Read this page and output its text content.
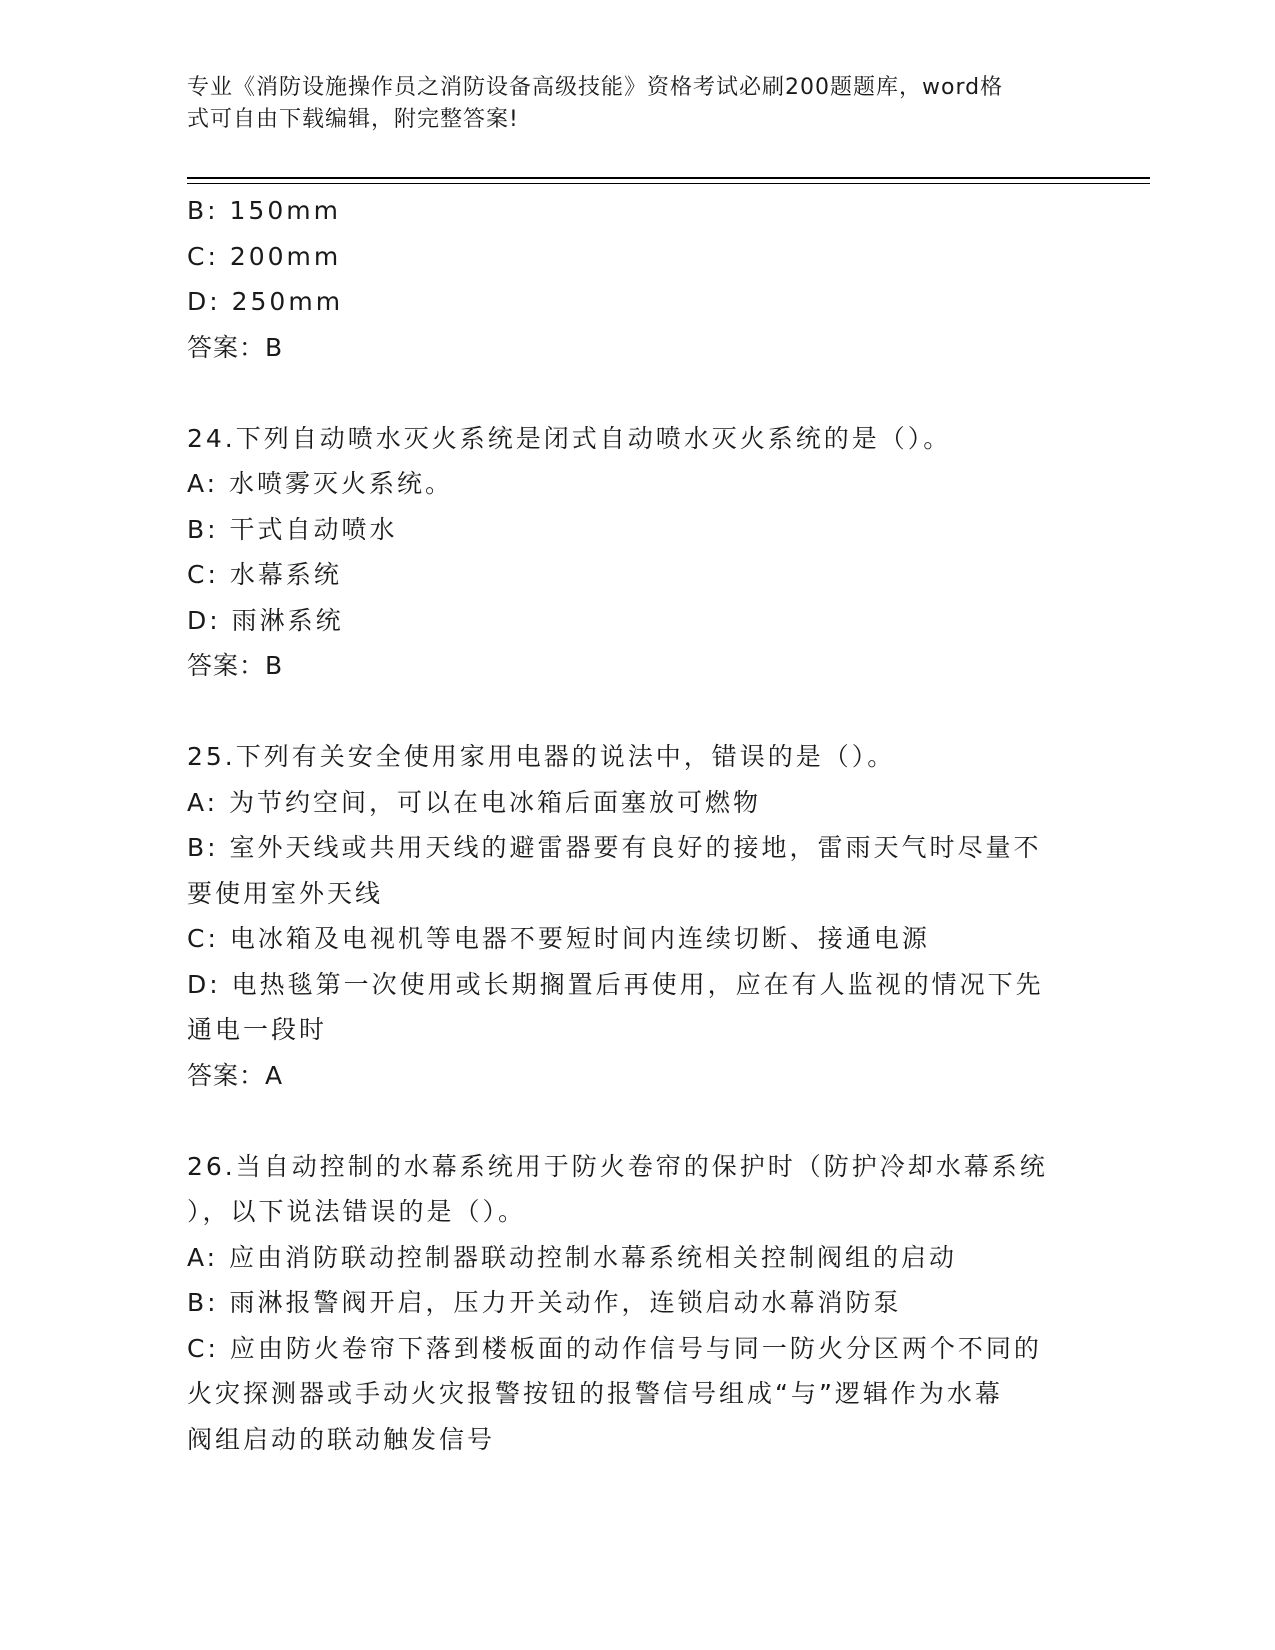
专业《消防设施操作员之消防设备高级技能》资格考试必刷200题题库，word格
式可自由下载编辑，附完整答案!
B: 150mm
C: 200mm
D: 250mm
答案：B
24.下列自动喷水灭火系统是闭式自动喷水灭火系统的是（）。
A: 水喷雾灭火系统。
B: 干式自动喷水
C: 水幕系统
D: 雨淋系统
答案：B
25.下列有关安全使用家用电器的说法中，错误的是（）。
A: 为节约空间，可以在电冰箱后面塞放可燃物
B: 室外天线或共用天线的避雷器要有良好的接地，雷雨天气时尽量不
要使用室外天线
C: 电冰箱及电视机等电器不要短时间内连续切断、接通电源
D: 电热毯第一次使用或长期搁置后再使用，应在有人监视的情况下先
通电一段时
答案：A
26.当自动控制的水幕系统用于防火卷帘的保护时（防护冷却水幕系统
），以下说法错误的是（）。
A: 应由消防联动控制器联动控制水幕系统相关控制阀组的启动
B: 雨淋报警阀开启，压力开关动作，连锁启动水幕消防泵
C: 应由防火卷帘下落到楼板面的动作信号与同一防火分区两个不同的
火灾探测器或手动火灾报警按钮的报警信号组成“与”逻辑作为水幕
阀组启动的联动触发信号
